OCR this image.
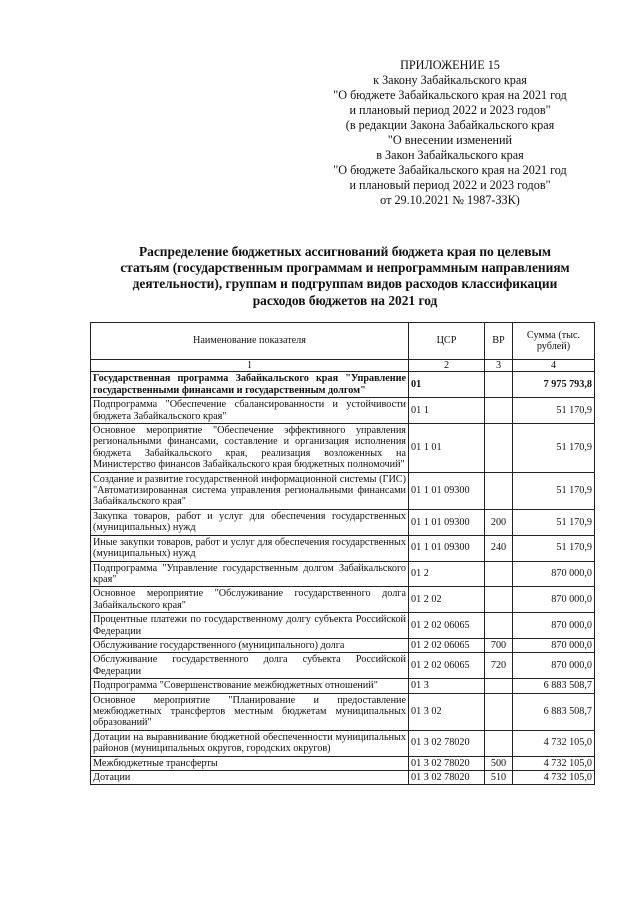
ПРИЛОЖЕНИЕ 15
к Закону Забайкальского края
"О бюджете Забайкальского края на 2021 год
и плановый период 2022 и 2023 годов"
(в редакции Закона Забайкальского края
"О внесении изменений
в Закон Забайкальского края
"О бюджете Забайкальского края на 2021 год
и плановый период 2022 и 2023 годов"
от 29.10.2021 № 1987-ЗЗК)
Распределение бюджетных ассигнований бюджета края по целевым
статьям (государственным программам и непрограммным направлениям
деятельности), группам и подгруппам видов расходов классификации
расходов бюджетов на 2021 год
Наименование показателя	ЦСР	ВР	Сумма (тыс. рублей)
1	2	3	4
Государственная программа Забайкальского края "Управление государственными финансами и государственным долгом"	01		7 975 793,8
Подпрограмма "Обеспечение сбалансированности и устойчивости бюджета Забайкальского края"	01 1		51 170,9
Основное мероприятие "Обеспечение эффективного управления региональными финансами, составление и организация исполнения бюджета Забайкальского края, реализация возложенных на Министерство финансов Забайкальского края бюджетных полномочий"	01 1 01		51 170,9
Создание и развитие государственной информационной системы (ГИС) "Автоматизированная система управления региональными финансами Забайкальского края"	01 1 01 09300		51 170,9
Закупка товаров, работ и услуг для обеспечения государственных (муниципальных) нужд	01 1 01 09300	200	51 170,9
Иные закупки товаров, работ и услуг для обеспечения государственных (муниципальных) нужд	01 1 01 09300	240	51 170,9
Подпрограмма "Управление государственным долгом Забайкальского края"	01 2		870 000,0
Основное мероприятие "Обслуживание государственного долга Забайкальского края"	01 2 02		870 000,0
Процентные платежи по государственному долгу субъекта Российской Федерации	01 2 02 06065		870 000,0
Обслуживание государственного (муниципального) долга	01 2 02 06065	700	870 000,0
Обслуживание государственного долга субъекта Российской Федерации	01 2 02 06065	720	870 000,0
Подпрограмма "Совершенствование межбюджетных отношений"	01 3		6 883 508,7
Основное мероприятие "Планирование и предоставление межбюджетных трансфертов местным бюджетам муниципальных образований"	01 3 02		6 883 508,7
Дотации на выравнивание бюджетной обеспеченности муниципальных районов (муниципальных округов, городских округов)	01 3 02 78020		4 732 105,0
Межбюджетные трансферты	01 3 02 78020	500	4 732 105,0
Дотации	01 3 02 78020	510	4 732 105,0
